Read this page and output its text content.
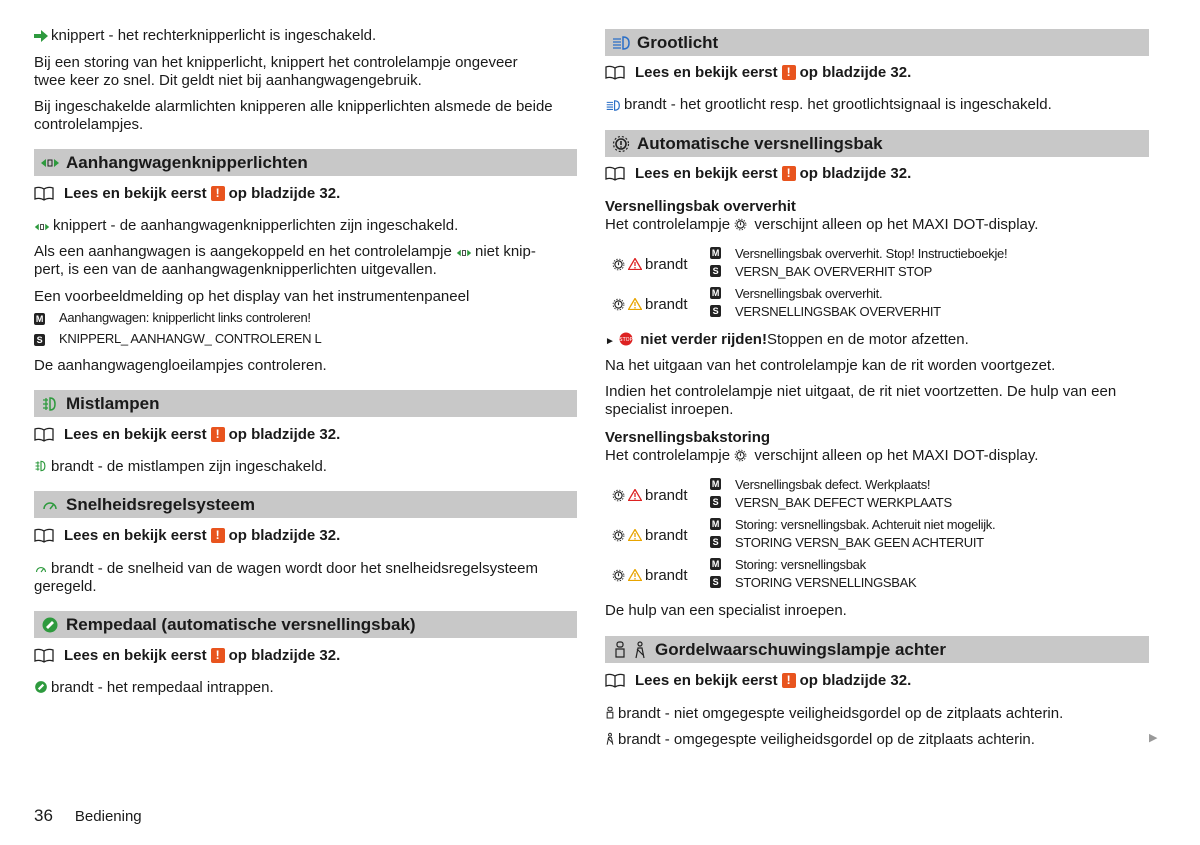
knippert - het rechterknipperlicht is ingeschakeld.

Bij een storing van het knipperlicht, knippert het controlelampje ongeveer
twee keer zo snel. Dit geldt niet bij aanhangwagengebruik.

Bij ingeschakelde alarmlichten knipperen alle knipperlichten alsmede de beide
controlelampjes.

Aanhangwagenknipperlichten
Lees en bekijk eerst ! op bladzijde 32.

knippert - de aanhangwagenknipperlichten zijn ingeschakeld.

Als een aanhangwagen is aangekoppeld en het controlelampje niet knip-
pert, is een van de aanhangwagenknipperlichten uitgevallen.

Een voorbeeldmelding op het display van het instrumentenpaneel

M Aanhangwagen: knipperlicht links controleren!
S KNIPPERL_ AANHANGW_ CONTROLEREN L

De aanhangwagengloeilampjes controleren.

Mistlampen
Lees en bekijk eerst ! op bladzijde 32.

brandt - de mistlampen zijn ingeschakeld.

Snelheidsregelsysteem
Lees en bekijk eerst ! op bladzijde 32.

brandt - de snelheid van de wagen wordt door het snelheidsregelsysteem
geregeld.

Rempedaal (automatische versnellingsbak)
Lees en bekijk eerst ! op bladzijde 32.

brandt - het rempedaal intrappen.

Grootlicht
Lees en bekijk eerst ! op bladzijde 32.

brandt - het grootlicht resp. het grootlichtsignaal is ingeschakeld.

Automatische versnellingsbak
Lees en bekijk eerst ! op bladzijde 32.

Versnellingsbak oververhit

Het controlelampje verschijnt alleen op het MAXI DOT-display.

brandt
M Versnellingsbak oververhit. Stop! Instructieboekje!
S VERSN_BAK OVERVERHIT STOP
brandt
M Versnellingsbak oververhit.
S VERSNELLINGSBAK OVERVERHIT

► STOP niet verder rijden!Stoppen en de motor afzetten.

Na het uitgaan van het controlelampje kan de rit worden voortgezet.

Indien het controlelampje niet uitgaat, de rit niet voortzetten. De hulp van een
specialist inroepen.

Versnellingsbakstoring

Het controlelampje verschijnt alleen op het MAXI DOT-display.

brandt
M Versnellingsbak defect. Werkplaats!
S VERSN_BAK DEFECT WERKPLAATS
brandt
M Storing: versnellingsbak. Achteruit niet mogelijk.
S STORING VERSN_BAK GEEN ACHTERUIT
brandt
M Storing: versnellingsbak
S STORING VERSNELLINGSBAK

De hulp van een specialist inroepen.

Gordelwaarschuwingslampje achter
Lees en bekijk eerst ! op bladzijde 32.

brandt - niet omgegespte veiligheidsgordel op de zitplaats achterin.

brandt - omgegespte veiligheidsgordel op de zitplaats achterin.	▶
36 Bediening
